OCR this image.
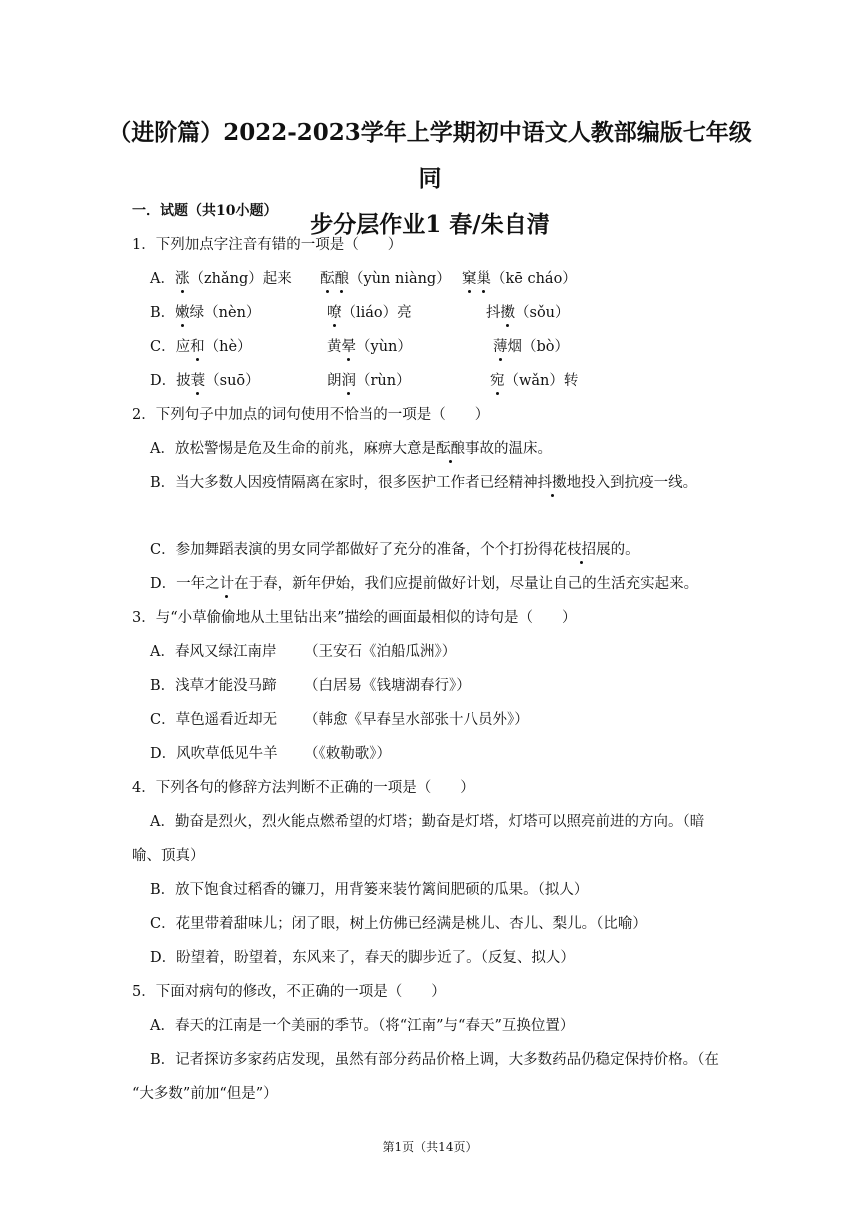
（进阶篇）2022-2023学年上学期初中语文人教部编版七年级同
步分层作业1 春/朱自清
一．试题（共10小题）
1．下列加点字注音有错的一项是（　　）
A．涨（zhǎng）起来 酝酿（yùn niàng） 窠巢（kē cháo）
B．嫩绿（nèn）	嘹（liáo）亮	抖擞（sǒu）
C．应和（hè）	黄晕（yùn）	薄烟（bò）
D．披蓑（suō）	朗润（rùn）	宛（wǎn）转
2．下列句子中加点的词句使用不恰当的一项是（　　）
A．放松警惕是危及生命的前兆，麻痹大意是酝酿事故的温床。
B．当大多数人因疫情隔离在家时，很多医护工作者已经精神抖擞地投入到抗疫一线。
C．参加舞蹈表演的男女同学都做好了充分的准备，个个打扮得花枝招展的。
D．一年之计在于春，新年伊始，我们应提前做好计划，尽量让自己的生活充实起来。
3．与“小草偷偷地从土里钻出来”描绘的画面最相似的诗句是（　　）
A．春风又绿江南岸 （王安石《泊船瓜洲》）
B．浅草才能没马蹄 （白居易《钱塘湖春行》）
C．草色遥看近却无 （韩愈《早春呈水部张十八员外》）
D．风吹草低见牛羊 （《敕勒歌》）
4．下列各句的修辞方法判断不正确的一项是（　　）
A．勤奋是烈火，烈火能点燃希望的灯塔；勤奋是灯塔，灯塔可以照亮前进的方向。（暗
喻、顶真）
B．放下饱食过稻香的镰刀，用背篓来装竹篱间肥硕的瓜果。（拟人）
C．花里带着甜味儿；闭了眼，树上仿佛已经满是桃儿、杏儿、梨儿。（比喻）
D．盼望着，盼望着，东风来了，春天的脚步近了。（反复、拟人）
5．下面对病句的修改，不正确的一项是（　　）
A．春天的江南是一个美丽的季节。（将“江南”与“春天”互换位置）
B．记者探访多家药店发现，虽然有部分药品价格上调，大多数药品仍稳定保持价格。（在
“大多数”前加“但是”）
第1页（共14页）
